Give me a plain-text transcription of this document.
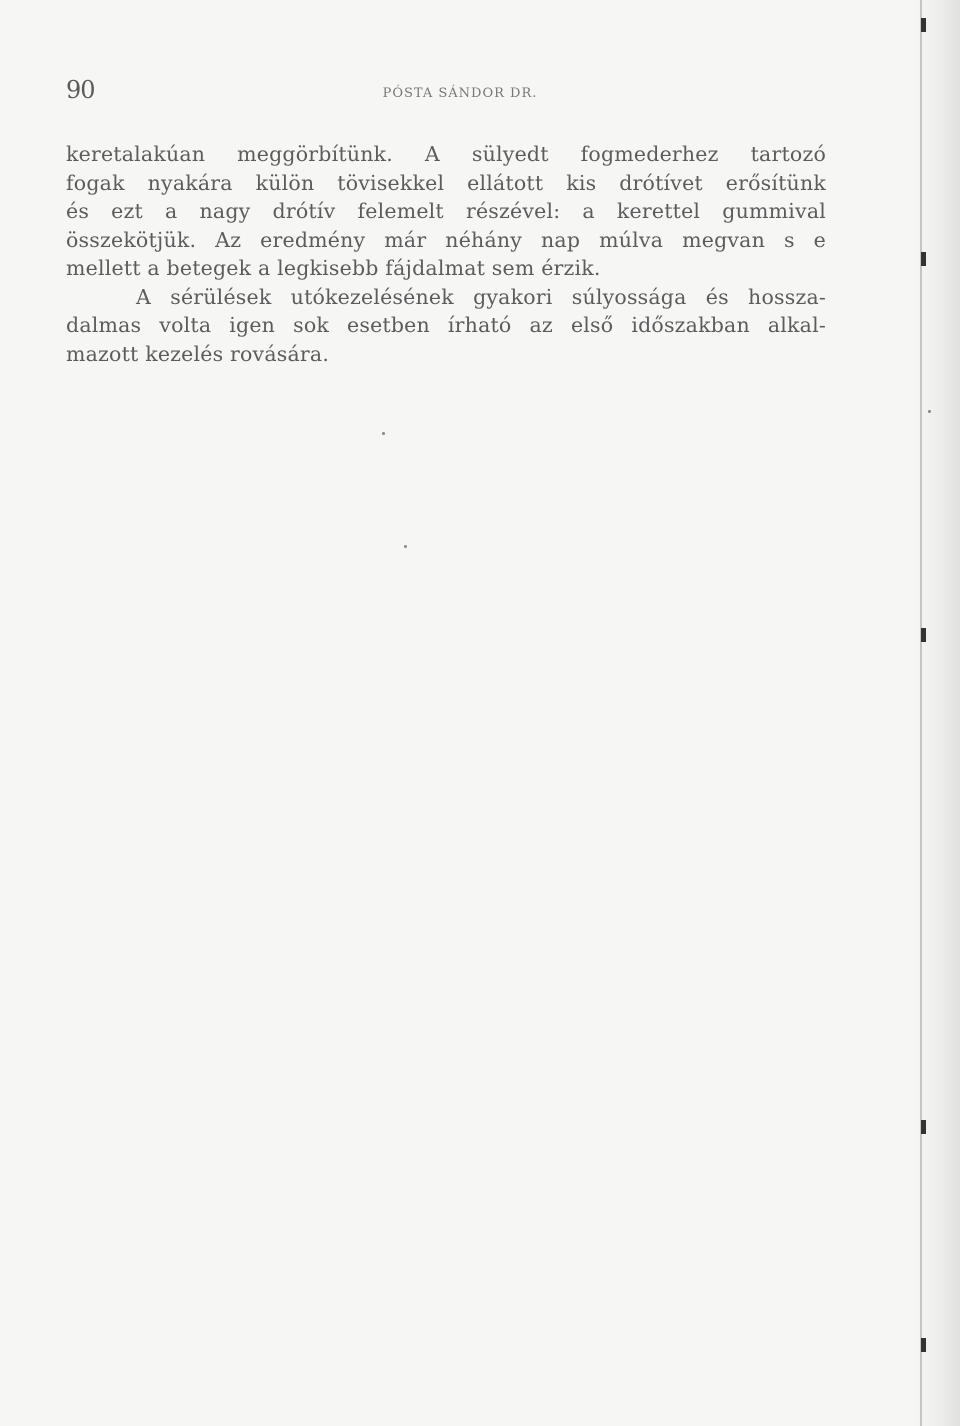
90	PÓSTA SÁNDOR DR.
keretalakúan meggörbítünk. A sülyedt fogmederhez tartozó
fogak nyakára külön tövisekkel ellátott kis drótívet erősítünk
és ezt a nagy drótív felemelt részével: a kerettel gummival
összekötjük. Az eredmény már néhány nap múlva megvan s e
mellett a betegek a legkisebb fájdalmat sem érzik.
A sérülések utókezelésének gyakori súlyossága és hossza-
dalmas volta igen sok esetben írható az első időszakban alkal-
mazott kezelés rovására.
